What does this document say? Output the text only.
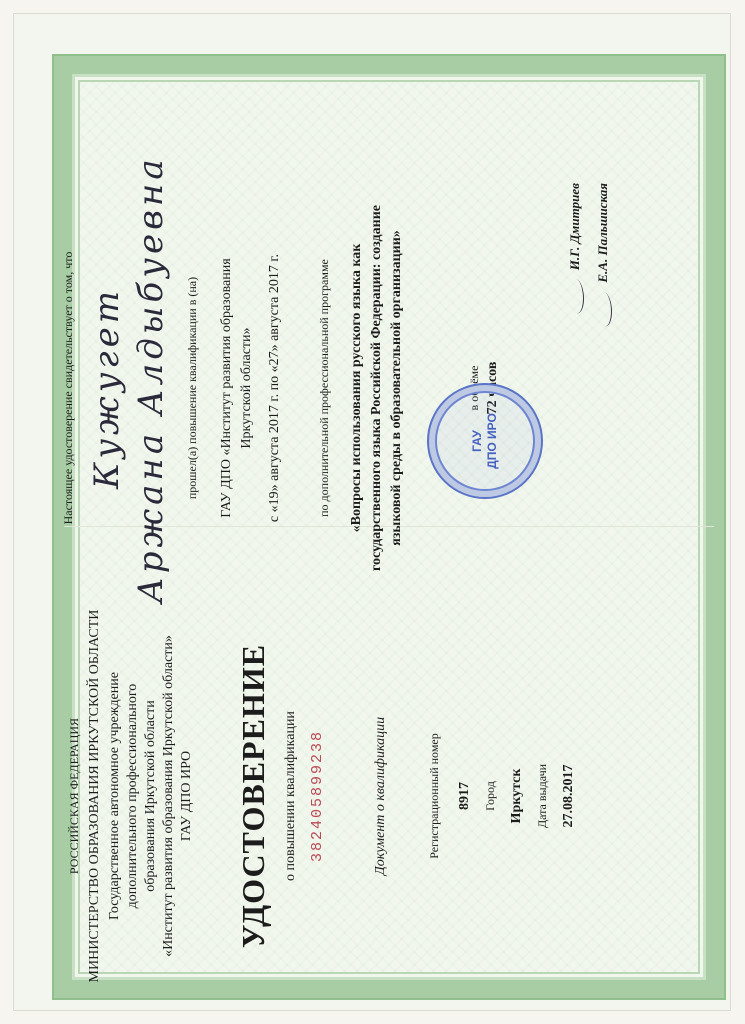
Настоящее удостоверение свидетельствует о том, что Кужугет Аржана Алдыбуевна прошел(а) повышение квалификации в (на) ГАУ ДПО «Институт развития образования Иркутской области» с «19» августа 2017 г. по «27» августа 2017 г.	по дополнительной профессиональной программе «Вопросы использования русского языка как государственного языка Российской Федерации: создание языковой среды в образовательной организации»	в объёме 72 часов
ГАУ ДПО ИРО
И.Г. Дмитриев Е.А. Пальшиская
РОССИЙСКАЯ ФЕДЕРАЦИЯ МИНИСТЕРСТВО ОБРАЗОВАНИЯ ИРКУТСКОЙ ОБЛАСТИ Государственное автономное учреждение дополнительного профессионального образования Иркутской области «Институт развития образования Иркутской области» ГАУ ДПО ИРО УДОСТОВЕРЕНИЕ о повышении квалификации 382405899238	Документ о квалификации	Регистрационный номер 8917 Город Иркутск Дата выдачи 27.08.2017
